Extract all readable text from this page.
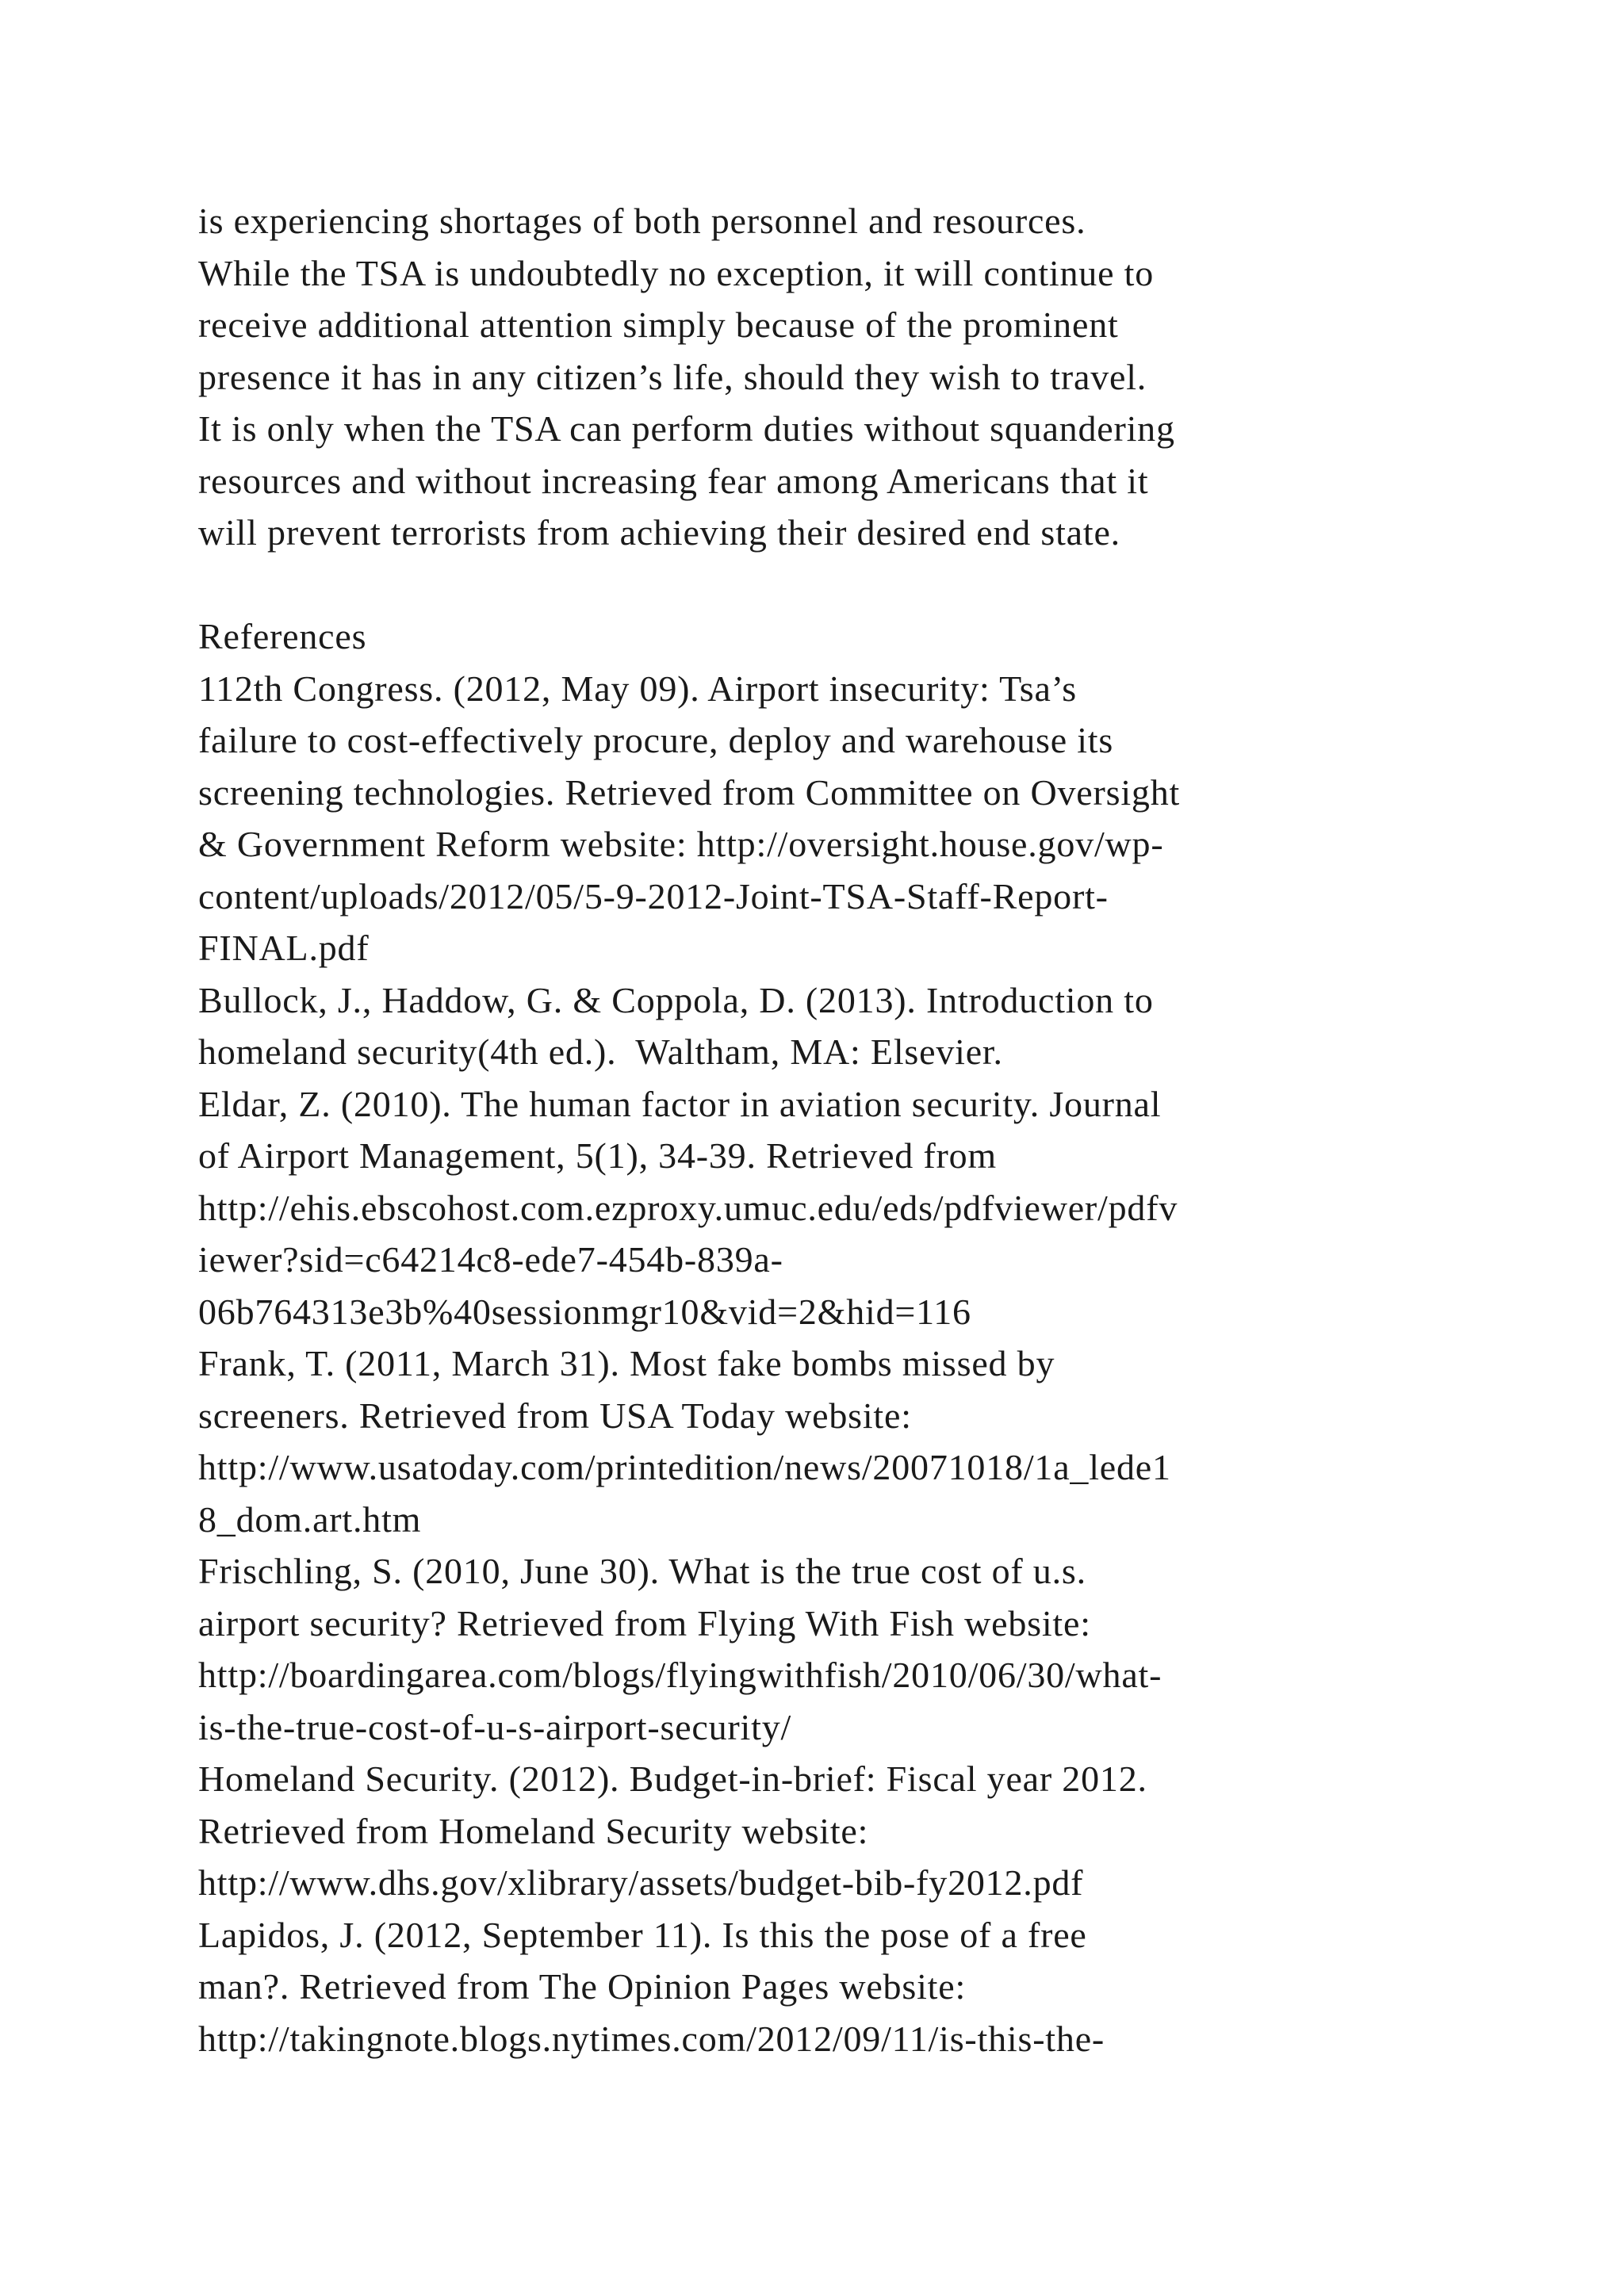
is experiencing shortages of both personnel and resources.
While the TSA is undoubtedly no exception, it will continue to
receive additional attention simply because of the prominent
presence it has in any citizen’s life, should they wish to travel.
It is only when the TSA can perform duties without squandering
resources and without increasing fear among Americans that it
will prevent terrorists from achieving their desired end state.
References
112th Congress. (2012, May 09). Airport insecurity: Tsa’s
failure to cost-effectively procure, deploy and warehouse its
screening technologies. Retrieved from Committee on Oversight
& Government Reform website: http://oversight.house.gov/wp-
content/uploads/2012/05/5-9-2012-Joint-TSA-Staff-Report-
FINAL.pdf
Bullock, J., Haddow, G. & Coppola, D. (2013). Introduction to
homeland security(4th ed.).  Waltham, MA: Elsevier.
Eldar, Z. (2010). The human factor in aviation security. Journal
of Airport Management, 5(1), 34-39. Retrieved from
http://ehis.ebscohost.com.ezproxy.umuc.edu/eds/pdfviewer/pdfv
iewer?sid=c64214c8-ede7-454b-839a-
06b764313e3b%40sessionmgr10&vid=2&hid=116
Frank, T. (2011, March 31). Most fake bombs missed by
screeners. Retrieved from USA Today website:
http://www.usatoday.com/printedition/news/20071018/1a_lede1
8_dom.art.htm
Frischling, S. (2010, June 30). What is the true cost of u.s.
airport security? Retrieved from Flying With Fish website:
http://boardingarea.com/blogs/flyingwithfish/2010/06/30/what-
is-the-true-cost-of-u-s-airport-security/
Homeland Security. (2012). Budget-in-brief: Fiscal year 2012.
Retrieved from Homeland Security website:
http://www.dhs.gov/xlibrary/assets/budget-bib-fy2012.pdf
Lapidos, J. (2012, September 11). Is this the pose of a free
man?. Retrieved from The Opinion Pages website:
http://takingnote.blogs.nytimes.com/2012/09/11/is-this-the-
